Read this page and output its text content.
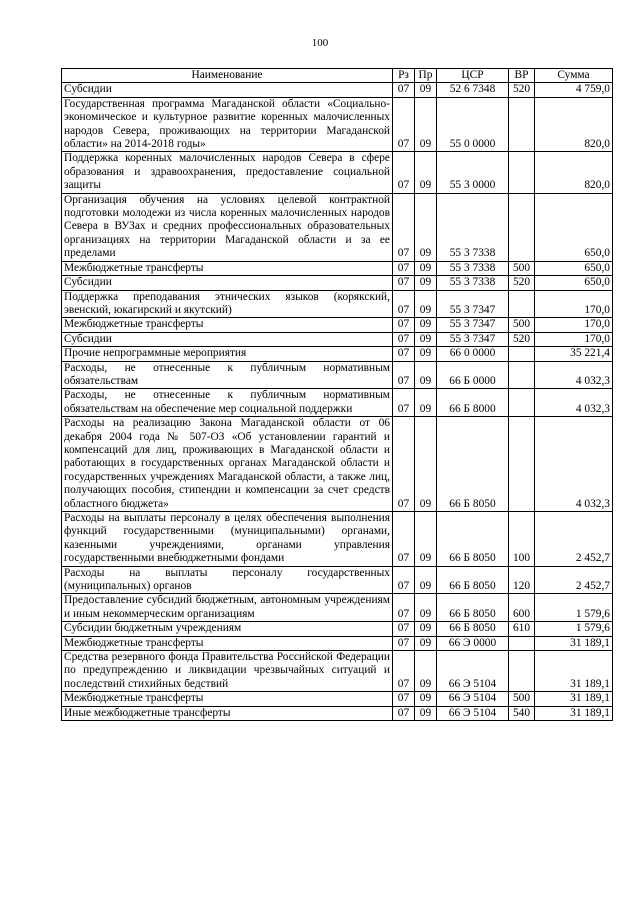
100
Наименование	Рз	Пр	ЦСР	ВР	Сумма
Субсидии	07	09	52 6 7348	520	4 759,0
Государственная программа Магаданской области «Социально-экономическое и культурное развитие коренных малочисленных народов Севера, проживающих на территории Магаданской области» на 2014-2018 годы»	07	09	55 0 0000		820,0
Поддержка коренных малочисленных народов Севера в сфере образования и здравоохранения, предоставление социальной защиты	07	09	55 3 0000		820,0
Организация обучения на условиях целевой контрактной подготовки молодежи из числа коренных малочисленных народов Севера в ВУЗах и средних профессиональных образовательных организациях на территории Магаданской области и за ее пределами	07	09	55 3 7338		650,0
Межбюджетные трансферты	07	09	55 3 7338	500	650,0
Субсидии	07	09	55 3 7338	520	650,0
Поддержка преподавания этнических языков (корякский, эвенский, юкагирский и якутский)	07	09	55 3 7347		170,0
Межбюджетные трансферты	07	09	55 3 7347	500	170,0
Субсидии	07	09	55 3 7347	520	170,0
Прочие непрограммные мероприятия	07	09	66 0 0000		35 221,4
Расходы, не отнесенные к публичным нормативным обязательствам	07	09	66 Б 0000		4 032,3
Расходы, не отнесенные к публичным нормативным обязательствам на обеспечение мер социальной поддержки	07	09	66 Б 8000		4 032,3
Расходы на реализацию Закона Магаданской области от 06 декабря 2004 года № 507-ОЗ «Об установлении гарантий и компенсаций для лиц, проживающих в Магаданской области и работающих в государственных органах Магаданской области и государственных учреждениях Магаданской области, а также лиц, получающих пособия, стипендии и компенсации за счет средств областного бюджета»	07	09	66 Б 8050		4 032,3
Расходы на выплаты персоналу в целях обеспечения выполнения функций государственными (муниципальными) органами, казенными учреждениями, органами управления государственными внебюджетными фондами	07	09	66 Б 8050	100	2 452,7
Расходы на выплаты персоналу государственных (муниципальных) органов	07	09	66 Б 8050	120	2 452,7
Предоставление субсидий бюджетным, автономным учреждениям и иным некоммерческим организациям	07	09	66 Б 8050	600	1 579,6
Субсидии бюджетным учреждениям	07	09	66 Б 8050	610	1 579,6
Межбюджетные трансферты	07	09	66 Э 0000		31 189,1
Средства резервного фонда Правительства Российской Федерации по предупреждению и ликвидации чрезвычайных ситуаций и последствий стихийных бедствий	07	09	66 Э 5104		31 189,1
Межбюджетные трансферты	07	09	66 Э 5104	500	31 189,1
Иные межбюджетные трансферты	07	09	66 Э 5104	540	31 189,1
